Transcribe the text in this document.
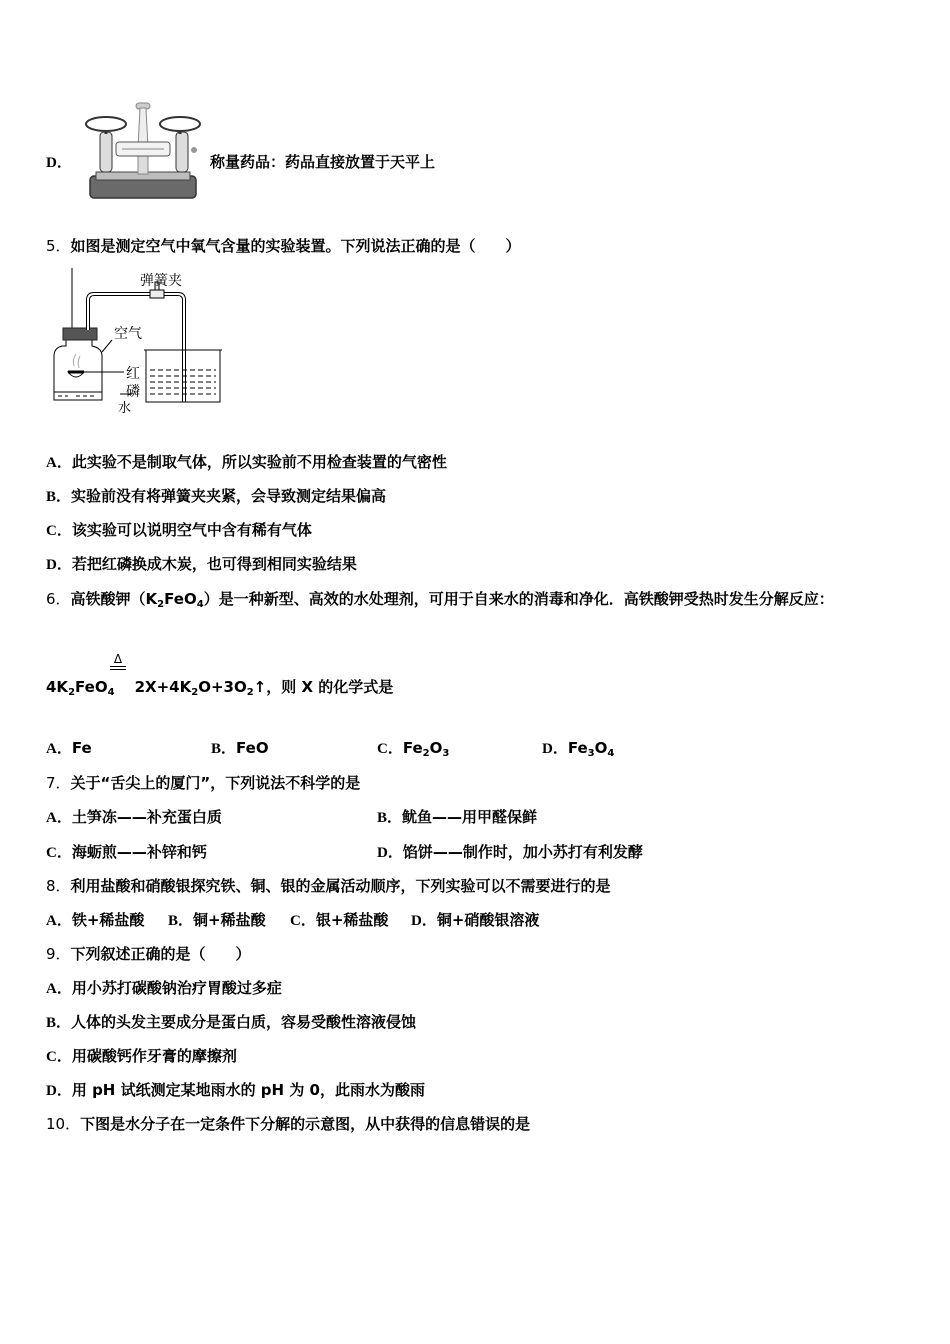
D．	称量药品：药品直接放置于天平上
5．如图是测定空气中氧气含量的实验装置。下列说法正确的是（　　）
弹簧夹
空气
红
磷
水
A．此实验不是制取气体，所以实验前不用检查装置的气密性
B．实验前没有将弹簧夹夹紧，会导致测定结果偏高
C．该实验可以说明空气中含有稀有气体
D．若把红磷换成木炭，也可得到相同实验结果
6．高铁酸钾$(K_2FeO_4)$是一种新型、高效的水处理剂，可用于自来水的消毒和净化．高铁酸钾受热时发生分解反应：
Δ

$4K_2FeO_4$ $2X+4K_2O+3O_2↑$，则 X 的化学式是
A．Fe	B．FeO	C．$Fe_2O_3$	D．$Fe_3O_4$
7．关于“舌尖上的厦门”，下列说法不科学的是
A．土笋冻——补充蛋白质	B．鱿鱼——用甲醛保鲜
C．海蛎煎——补锌和钙	D．馅饼——制作时，加小苏打有利发酵
8．利用盐酸和硝酸银探究铁、铜、银的金属活动顺序，下列实验可以不需要进行的是
A．铁+稀盐酸 B．铜+稀盐酸 C．银+稀盐酸 D．铜+硝酸银溶液
9．下列叙述正确的是（　　）
A．用小苏打碳酸钠治疗胃酸过多症
B．人体的头发主要成分是蛋白质，容易受酸性溶液侵蚀
C．用碳酸钙作牙膏的摩擦剂
D．用 pH 试纸测定某地雨水的 pH 为 0，此雨水为酸雨
10．下图是水分子在一定条件下分解的示意图，从中获得的信息错误的是
